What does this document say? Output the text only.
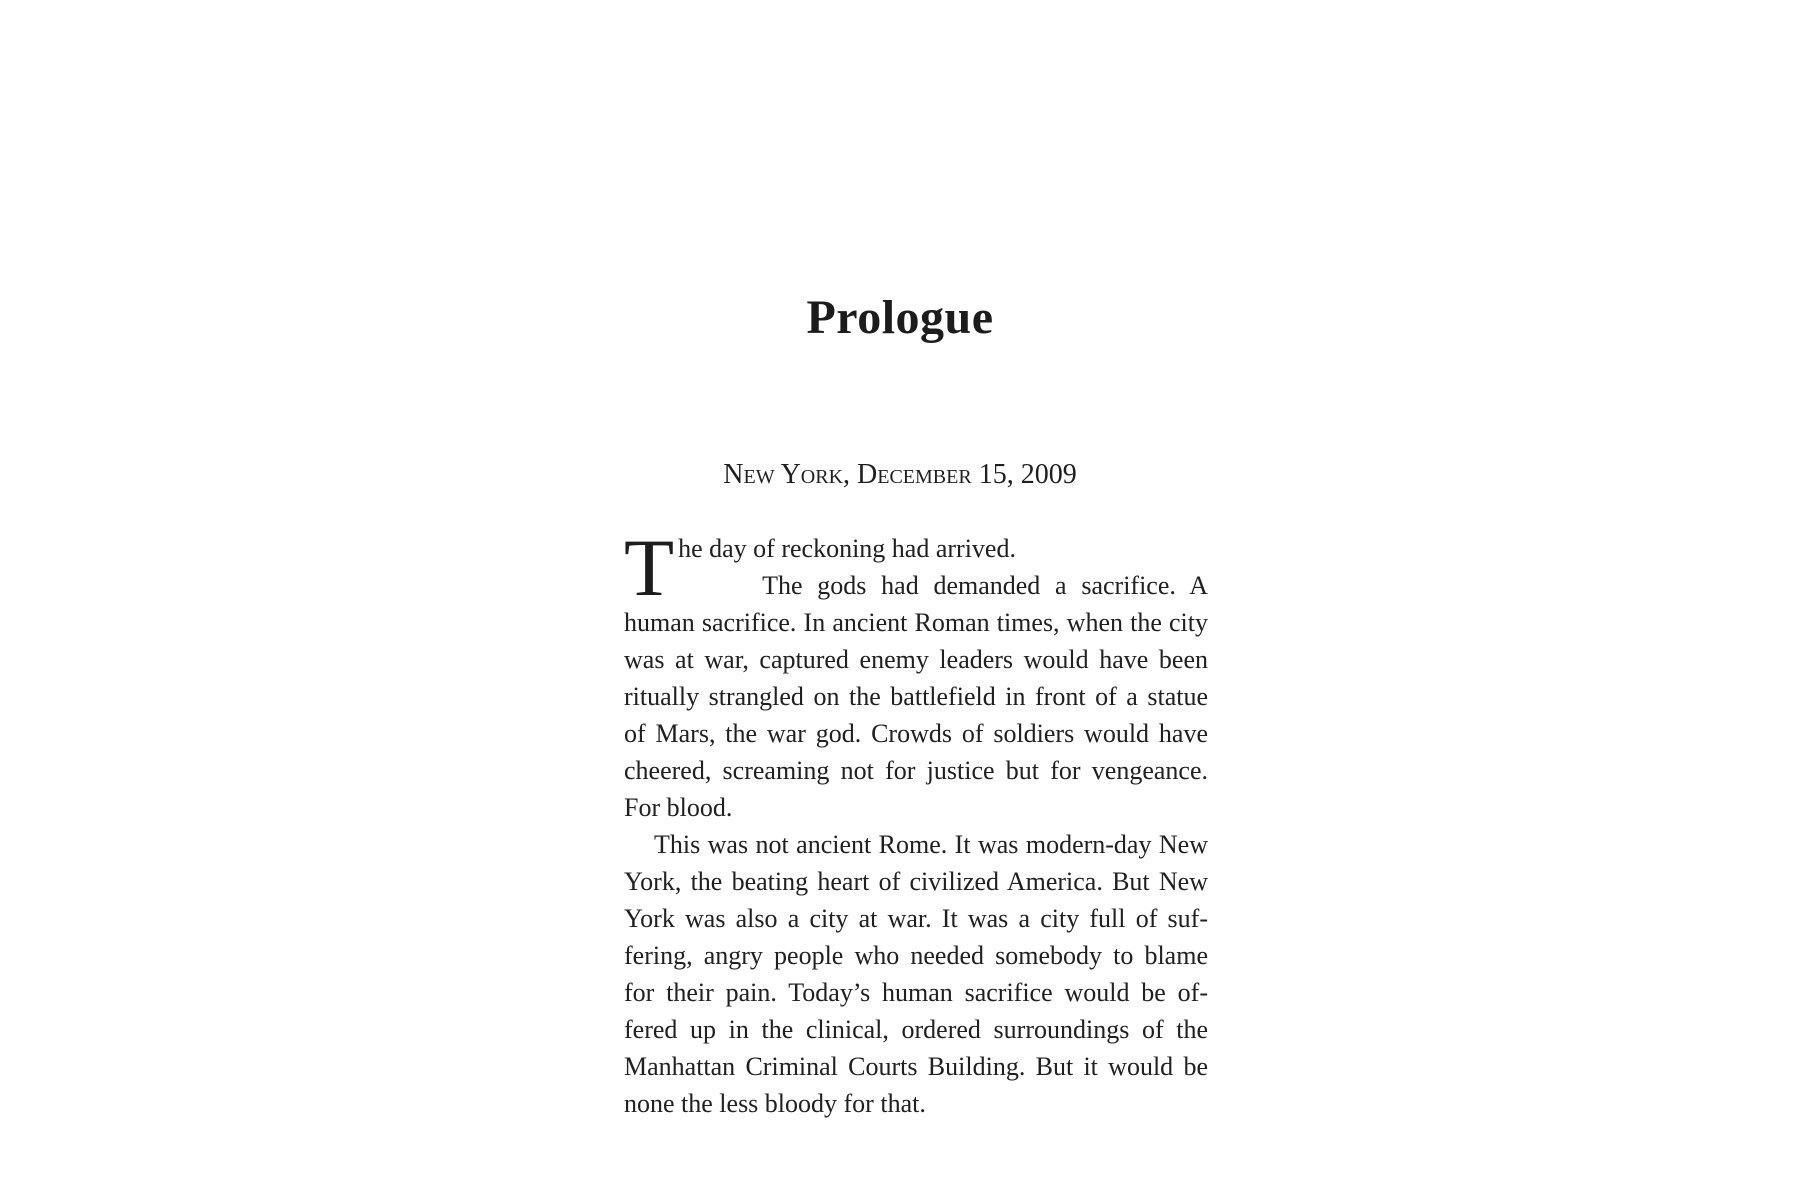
Prologue
New York, December 15, 2009

The day of reckoning had arrived.

The gods had demanded a sacrifice. A human sacrifice. In ancient Roman times, when the city was at war, captured enemy leaders would have been ritually strangled on the battlefield in front of a statue of Mars, the war god. Crowds of soldiers would have cheered, screaming not for justice but for vengeance. For blood.

This was not ancient Rome. It was modern-day New York, the beating heart of civilized America. But New York was also a city at war. It was a city full of suffering, angry people who needed somebody to blame for their pain. Today’s human sacrifice would be offered up in the clinical, ordered surroundings of the Manhattan Criminal Courts Building. But it would be none the less bloody for that.
